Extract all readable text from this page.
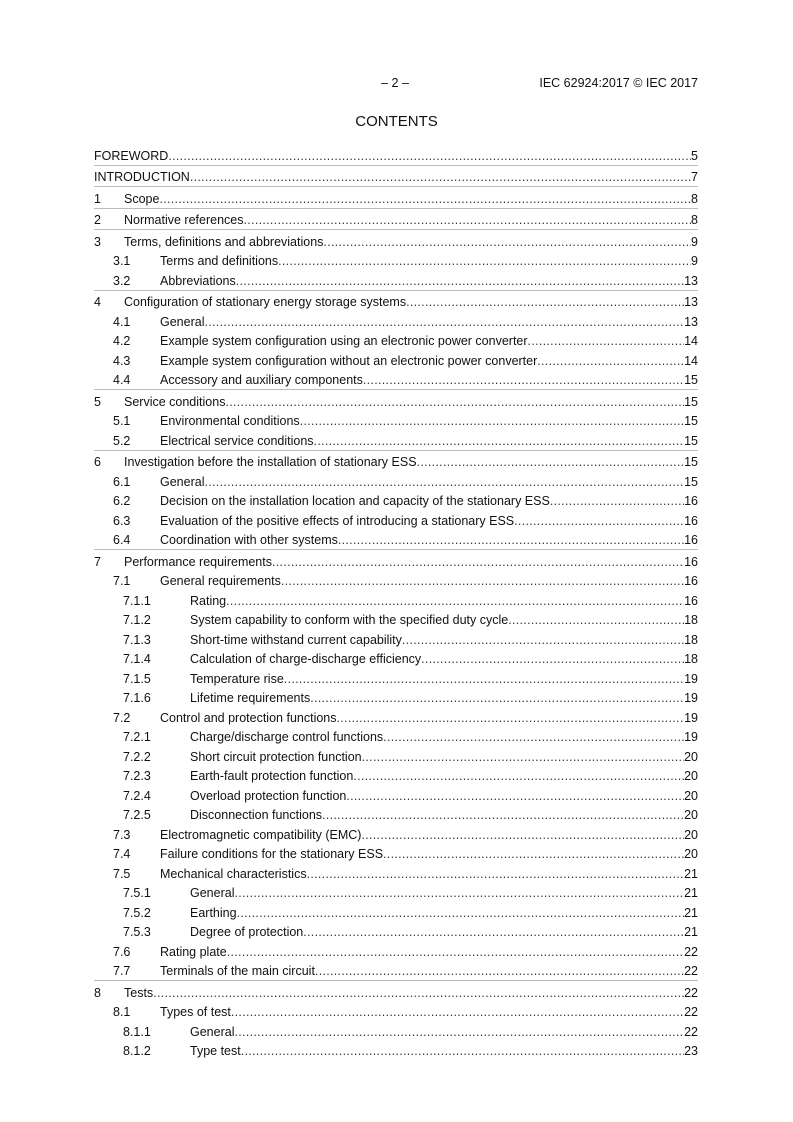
– 2 –	IEC 62924:2017 © IEC 2017
CONTENTS
FOREWORD .....	5
INTRODUCTION .....	7
1	Scope .....	8
2	Normative references .....	8
3	Terms, definitions and abbreviations .....	9
3.1	Terms and definitions .....	9
3.2	Abbreviations .....	13
4	Configuration of stationary energy storage systems .....	13
4.1	General .....	13
4.2	Example system configuration using an electronic power converter .....	14
4.3	Example system configuration without an electronic power converter .....	14
4.4	Accessory and auxiliary components .....	15
5	Service conditions .....	15
5.1	Environmental conditions .....	15
5.2	Electrical service conditions .....	15
6	Investigation before the installation of stationary ESS .....	15
6.1	General .....	15
6.2	Decision on the installation location and capacity of the stationary ESS .....	16
6.3	Evaluation of the positive effects of introducing a stationary ESS .....	16
6.4	Coordination with other systems .....	16
7	Performance requirements .....	16
7.1	General requirements .....	16
7.1.1	Rating .....	16
7.1.2	System capability to conform with the specified duty cycle .....	18
7.1.3	Short-time withstand current capability .....	18
7.1.4	Calculation of charge-discharge efficiency .....	18
7.1.5	Temperature rise .....	19
7.1.6	Lifetime requirements .....	19
7.2	Control and protection functions .....	19
7.2.1	Charge/discharge control functions .....	19
7.2.2	Short circuit protection function .....	20
7.2.3	Earth-fault protection function .....	20
7.2.4	Overload protection function .....	20
7.2.5	Disconnection functions .....	20
7.3	Electromagnetic compatibility (EMC) .....	20
7.4	Failure conditions for the stationary ESS .....	20
7.5	Mechanical characteristics .....	21
7.5.1	General .....	21
7.5.2	Earthing .....	21
7.5.3	Degree of protection .....	21
7.6	Rating plate .....	22
7.7	Terminals of the main circuit .....	22
8	Tests .....	22
8.1	Types of test .....	22
8.1.1	General .....	22
8.1.2	Type test .....	23
